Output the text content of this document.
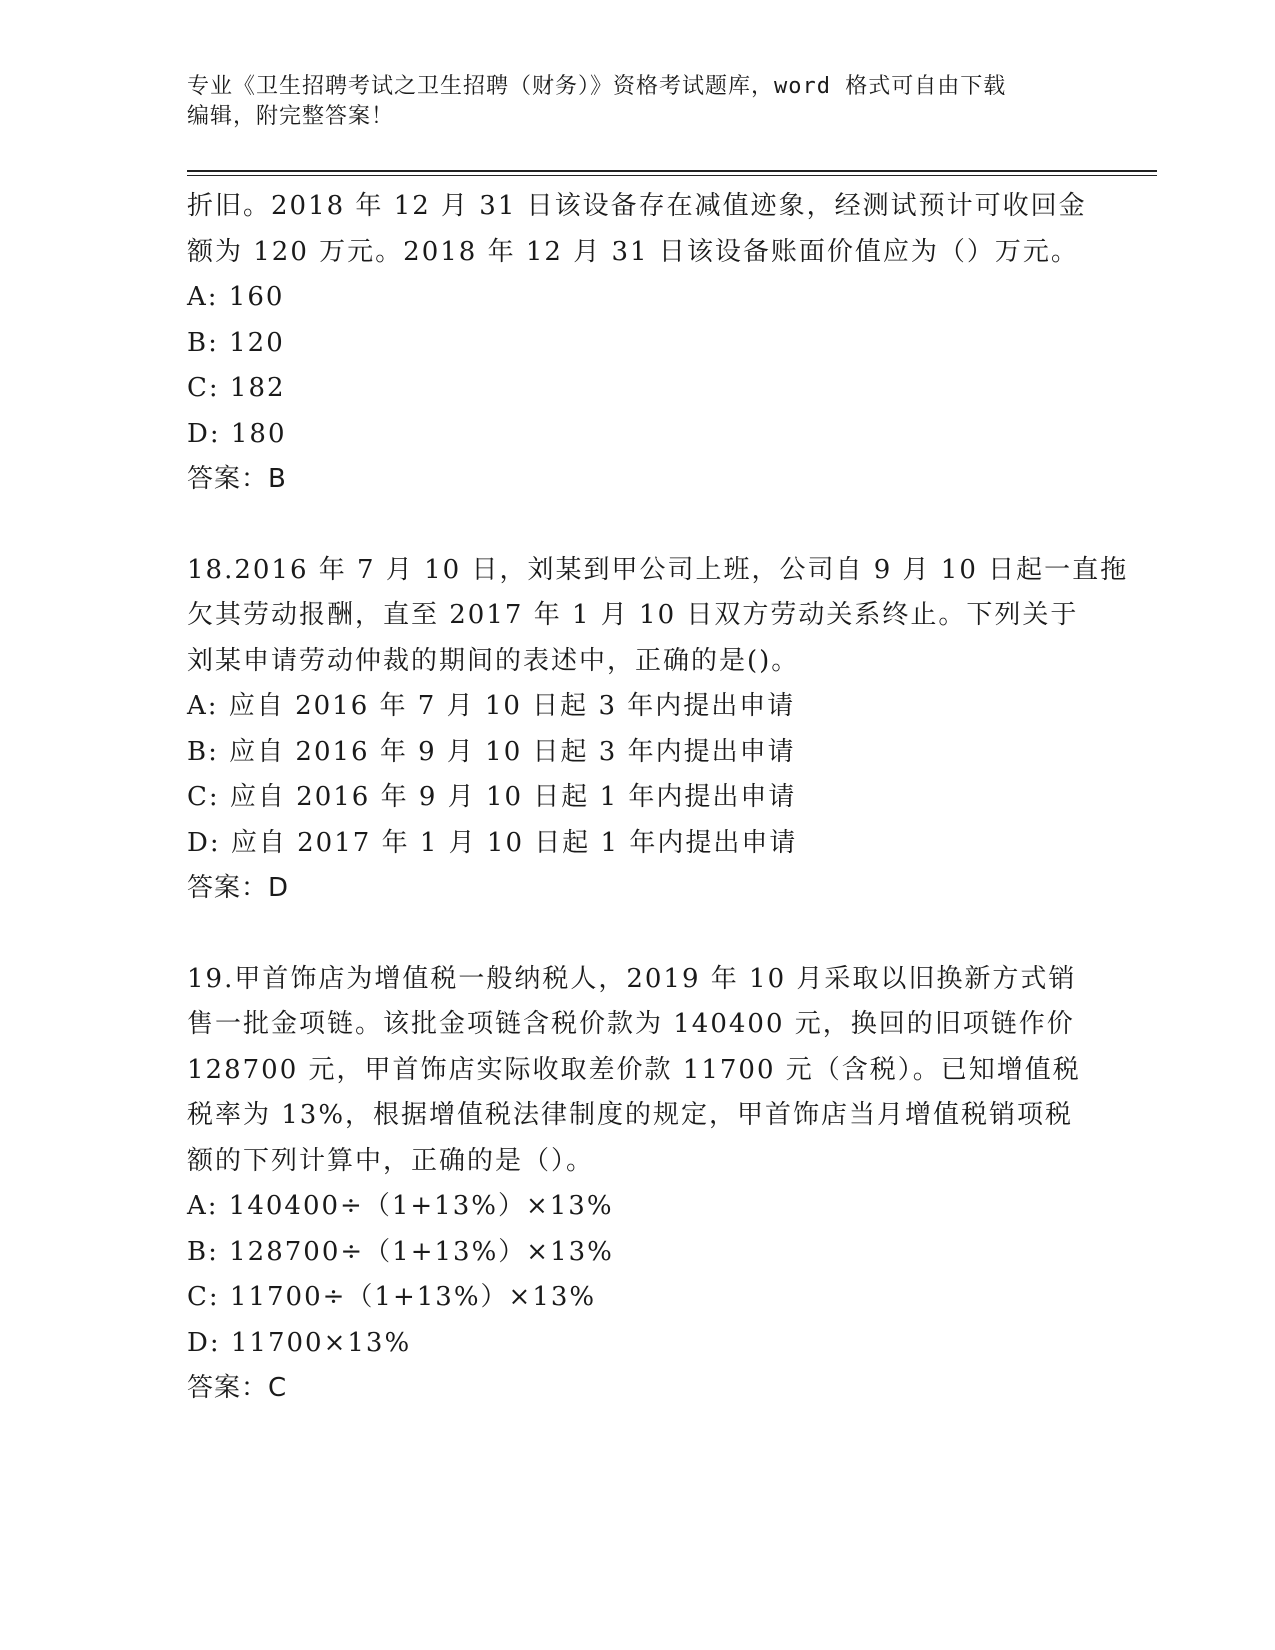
专业《卫生招聘考试之卫生招聘（财务）》资格考试题库，word 格式可自由下载
编辑，附完整答案！
折旧。2018 年 12 月 31 日该设备存在减值迹象，经测试预计可收回金
额为 120 万元。2018 年 12 月 31 日该设备账面价值应为（）万元。
A: 160
B: 120
C: 182
D: 180
答案：B
18.2016 年 7 月 10 日，刘某到甲公司上班，公司自 9 月 10 日起一直拖
欠其劳动报酬，直至 2017 年 1 月 10 日双方劳动关系终止。下列关于
刘某申请劳动仲裁的期间的表述中，正确的是()。
A: 应自 2016 年 7 月 10 日起 3 年内提出申请
B: 应自 2016 年 9 月 10 日起 3 年内提出申请
C: 应自 2016 年 9 月 10 日起 1 年内提出申请
D: 应自 2017 年 1 月 10 日起 1 年内提出申请
答案：D
19.甲首饰店为增值税一般纳税人，2019 年 10 月采取以旧换新方式销
售一批金项链。该批金项链含税价款为 140400 元，换回的旧项链作价
128700 元，甲首饰店实际收取差价款 11700 元（含税）。已知增值税
税率为 13%，根据增值税法律制度的规定，甲首饰店当月增值税销项税
额的下列计算中，正确的是（）。
A: 140400÷（1+13%）×13%
B: 128700÷（1+13%）×13%
C: 11700÷（1+13%）×13%
D: 11700×13%
答案：C
